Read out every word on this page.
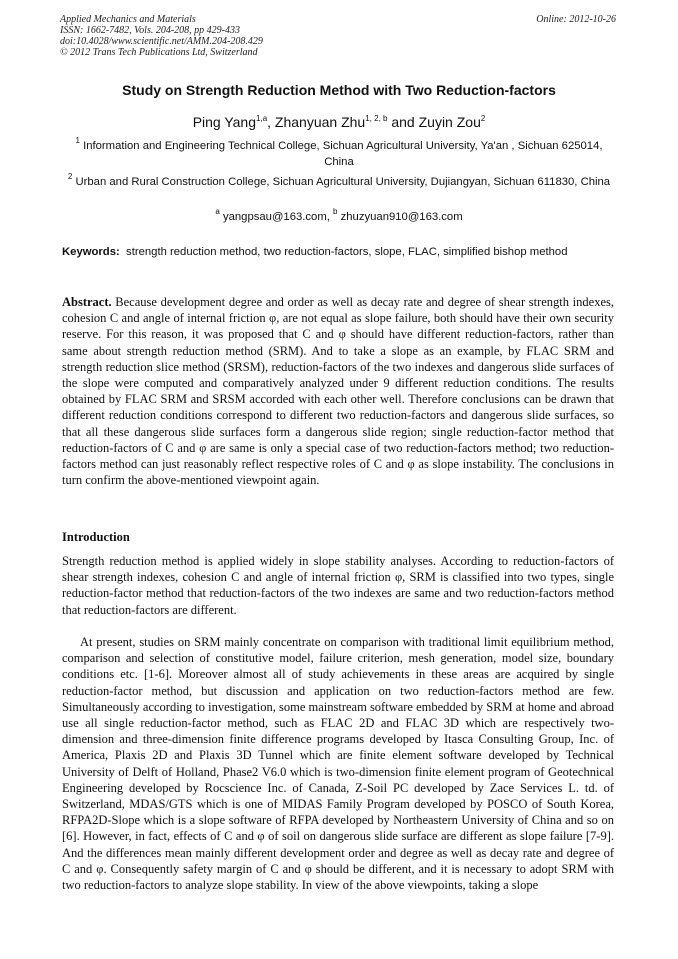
Applied Mechanics and Materials
ISSN: 1662-7482, Vols. 204-208, pp 429-433
doi:10.4028/www.scientific.net/AMM.204-208.429
© 2012 Trans Tech Publications Ltd, Switzerland
Online: 2012-10-26
Study on Strength Reduction Method with Two Reduction-factors
Ping Yang$^{1,a}$, Zhanyuan Zhu$^{1, 2, b}$ and Zuyin Zou$^2$
$^1$ Information and Engineering Technical College, Sichuan Agricultural University, Ya'an , Sichuan 625014, China
$^2$ Urban and Rural Construction College, Sichuan Agricultural University, Dujiangyan, Sichuan 611830, China
$^a$ yangpsau@163.com, $^b$ zhuzyuan910@163.com
Keywords: strength reduction method, two reduction-factors, slope, FLAC, simplified bishop method

Abstract. Because development degree and order as well as decay rate and degree of shear strength indexes, cohesion C and angle of internal friction φ, are not equal as slope failure, both should have their own security reserve. For this reason, it was proposed that C and φ should have different reduction-factors, rather than same about strength reduction method (SRM). And to take a slope as an example, by FLAC SRM and strength reduction slice method (SRSM), reduction-factors of the two indexes and dangerous slide surfaces of the slope were computed and comparatively analyzed under 9 different reduction conditions. The results obtained by FLAC SRM and SRSM accorded with each other well. Therefore conclusions can be drawn that different reduction conditions correspond to different two reduction-factors and dangerous slide surfaces, so that all these dangerous slide surfaces form a dangerous slide region; single reduction-factor method that reduction-factors of C and φ are same is only a special case of two reduction-factors method; two reduction-factors method can just reasonably reflect respective roles of C and φ as slope instability. The conclusions in turn confirm the above-mentioned viewpoint again.

Introduction

Strength reduction method is applied widely in slope stability analyses. According to reduction-factors of shear strength indexes, cohesion C and angle of internal friction φ, SRM is classified into two types, single reduction-factor method that reduction-factors of the two indexes are same and two reduction-factors method that reduction-factors are different.

At present, studies on SRM mainly concentrate on comparison with traditional limit equilibrium method, comparison and selection of constitutive model, failure criterion, mesh generation, model size, boundary conditions etc. [1-6]. Moreover almost all of study achievements in these areas are acquired by single reduction-factor method, but discussion and application on two reduction-factors method are few. Simultaneously according to investigation, some mainstream software embedded by SRM at home and abroad use all single reduction-factor method, such as FLAC 2D and FLAC 3D which are respectively two-dimension and three-dimension finite difference programs developed by Itasca Consulting Group, Inc. of America, Plaxis 2D and Plaxis 3D Tunnel which are finite element software developed by Technical University of Delft of Holland, Phase2 V6.0 which is two-dimension finite element program of Geotechnical Engineering developed by Rocscience Inc. of Canada, Z-Soil PC developed by Zace Services L. td. of Switzerland, MDAS/GTS which is one of MIDAS Family Program developed by POSCO of South Korea, RFPA2D-Slope which is a slope software of RFPA developed by Northeastern University of China and so on [6]. However, in fact, effects of C and φ of soil on dangerous slide surface are different as slope failure [7-9]. And the differences mean mainly different development order and degree as well as decay rate and degree of C and φ. Consequently safety margin of C and φ should be different, and it is necessary to adopt SRM with two reduction-factors to analyze slope stability. In view of the above viewpoints, taking a slope
